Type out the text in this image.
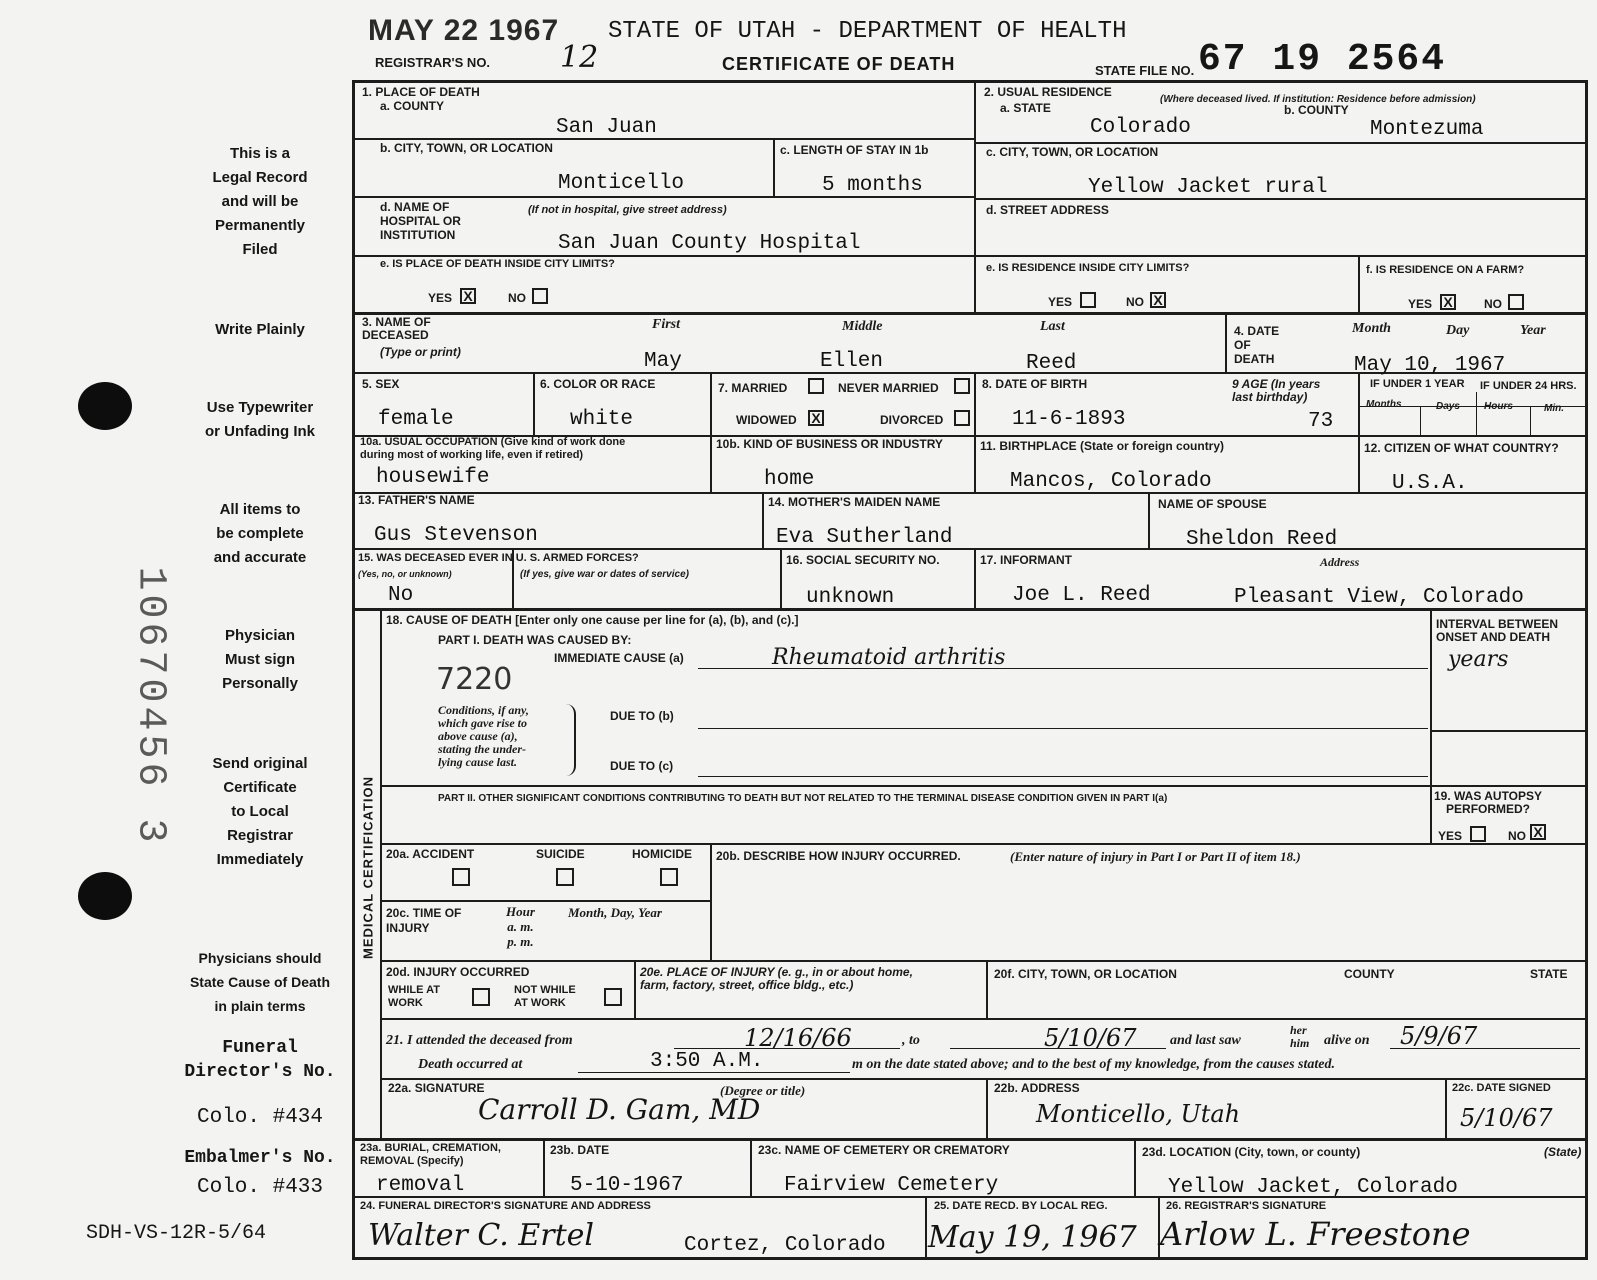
MAY 22 1967 STATE OF UTAH - DEPARTMENT OF HEALTH
REGISTRAR'S NO. 12	CERTIFICATE OF DEATH	STATE FILE NO. 67 19 2564
This is a
Legal Record
and will be
Permanently
Filed
Write Plainly
Use Typewriter
or Unfading Ink
All items to
be complete
and accurate
Physician
Must sign
Personally
Send original
Certificate
to Local
Registrar
Immediately
Physicians should
State Cause of Death
in plain terms
Funeral
Director's No.
Colo. #434
Embalmer's No.
Colo. #433
SDH-VS-12R-5/64
10670456 3
1. PLACE OF DEATH
a. COUNTY
San Juan
2. USUAL RESIDENCE
(Where deceased lived. If institution: Residence before admission)
a. STATE	b. COUNTY
Colorado	Montezuma
b. CITY, TOWN, OR LOCATION
Monticello
c. LENGTH OF STAY IN 1b
5 months
c. CITY, TOWN, OR LOCATION
Yellow Jacket rural
d. NAME OF
HOSPITAL OR
INSTITUTION
(If not in hospital, give street address)
San Juan County Hospital
d. STREET ADDRESS
e. IS PLACE OF DEATH INSIDE CITY LIMITS?
YES X	NO
e. IS RESIDENCE INSIDE CITY LIMITS?
YES	NO X
f. IS RESIDENCE ON A FARM?
YES X	NO
3. NAME OF
DECEASED
(Type or print)
First	Middle	Last
May	Ellen	Reed
4. DATE
OF
DEATH
Month	Day	Year
May 10, 1967
5. SEX
female
6. COLOR OR RACE
white
7. MARRIED	NEVER MARRIED
WIDOWED X	DIVORCED
8. DATE OF BIRTH
11-6-1893
9 AGE (In years
last birthday)
73
IF UNDER 1 YEAR IF UNDER 24 HRS.
Months	Days Hours	Min.
10a. USUAL OCCUPATION (Give kind of work done
during most of working life, even if retired)
housewife
10b. KIND OF BUSINESS OR INDUSTRY
home
11. BIRTHPLACE (State or foreign country)
Mancos, Colorado
12. CITIZEN OF WHAT COUNTRY?
U.S.A.
13. FATHER'S NAME
Gus Stevenson
14. MOTHER'S MAIDEN NAME
Eva Sutherland
NAME OF SPOUSE
Sheldon Reed
15. WAS DECEASED EVER IN U. S. ARMED FORCES?
(Yes, no, or unknown)	(If yes, give war or dates of service)
No
16. SOCIAL SECURITY NO.
unknown
17. INFORMANT	Address
Joe L. Reed	Pleasant View, Colorado
MEDICAL CERTIFICATION
18. CAUSE OF DEATH [Enter only one cause per line for (a), (b), and (c).]
PART I. DEATH WAS CAUSED BY:
IMMEDIATE CAUSE (a)	Rheumatoid arthritis
7220
Conditions, if any,
which gave rise to
above cause (a),
stating the under-
lying cause last.
DUE TO (b)
DUE TO (c)
INTERVAL BETWEEN
ONSET AND DEATH
years
PART II. OTHER SIGNIFICANT CONDITIONS CONTRIBUTING TO DEATH BUT NOT RELATED TO THE TERMINAL DISEASE CONDITION GIVEN IN PART I(a)	19. WAS AUTOPSY
PERFORMED?
YES	NO X
20a. ACCIDENT	SUICIDE	HOMICIDE 20b. DESCRIBE HOW INJURY OCCURRED.	(Enter nature of injury in Part I or Part II of item 18.)
20c. TIME OF
INJURY
Hour
a. m.
p. m.
Month, Day, Year
20d. INJURY OCCURRED
WHILE AT
WORK
NOT WHILE
AT WORK
20e. PLACE OF INJURY (e. g., in or about home,
farm, factory, street, office bldg., etc.)
20f. CITY, TOWN, OR LOCATION	COUNTY	STATE
21. I attended the deceased from	12/16/66	, to	5/10/67 and last saw
her
him alive on 5/9/67
Death occurred at	3:50 A.M.	m on the date stated above; and to the best of my knowledge, from the causes stated.
22a. SIGNATURE	(Degree or title)
Carroll D. Gam, MD
22b. ADDRESS
Monticello, Utah
22c. DATE SIGNED
5/10/67
23a. BURIAL, CREMATION,
REMOVAL (Specify)
removal
23b. DATE
5-10-1967
23c. NAME OF CEMETERY OR CREMATORY
Fairview Cemetery
23d. LOCATION (City, town, or county)	(State)
Yellow Jacket, Colorado
24. FUNERAL DIRECTOR'S SIGNATURE AND ADDRESS
Walter C. Ertel	Cortez, Colorado
25. DATE RECD. BY LOCAL REG.
May 19, 1967
26. REGISTRAR'S SIGNATURE
Arlow L. Freestone
